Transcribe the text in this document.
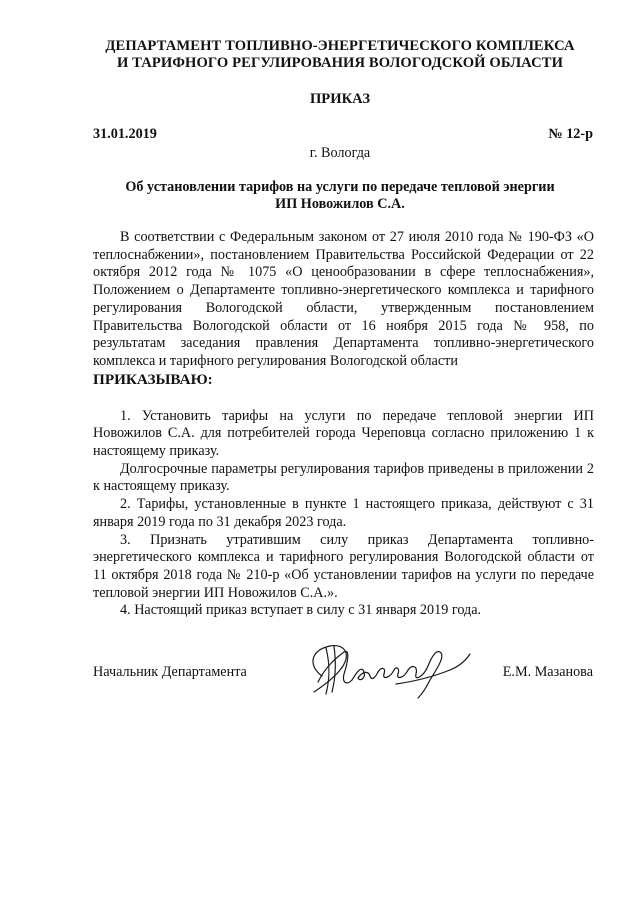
ДЕПАРТАМЕНТ ТОПЛИВНО-ЭНЕРГЕТИЧЕСКОГО КОМПЛЕКСА
И ТАРИФНОГО РЕГУЛИРОВАНИЯ ВОЛОГОДСКОЙ ОБЛАСТИ
ПРИКАЗ
31.01.2019	№ 12-р
г. Вологда
Об установлении тарифов на услуги по передаче тепловой энергии
ИП Новожилов С.А.

В соответствии с Федеральным законом от 27 июля 2010 года № 190-ФЗ «О теплоснабжении», постановлением Правительства Российской Федерации от 22 октября 2012 года № 1075 «О ценообразовании в сфере теплоснабжения», Положением о Департаменте топливно-энергетического комплекса и тарифного регулирования Вологодской области, утвержденным постановлением Правительства Вологодской области от 16 ноября 2015 года № 958, по результатам заседания правления Департамента топливно-энергетического комплекса и тарифного регулирования Вологодской области

ПРИКАЗЫВАЮ:

1. Установить тарифы на услуги по передаче тепловой энергии ИП Новожилов С.А. для потребителей города Череповца согласно приложению 1 к настоящему приказу.

Долгосрочные параметры регулирования тарифов приведены в приложении 2 к настоящему приказу.

2. Тарифы, установленные в пункте 1 настоящего приказа, действуют с 31 января 2019 года по 31 декабря 2023 года.

3. Признать утратившим силу приказ Департамента топливно-энергетического комплекса и тарифного регулирования Вологодской области от 11 октября 2018 года № 210-р «Об установлении тарифов на услуги по передаче тепловой энергии ИП Новожилов С.А.».

4. Настоящий приказ вступает в силу с 31 января 2019 года.

Начальник Департамента	Е.М. Мазанова
